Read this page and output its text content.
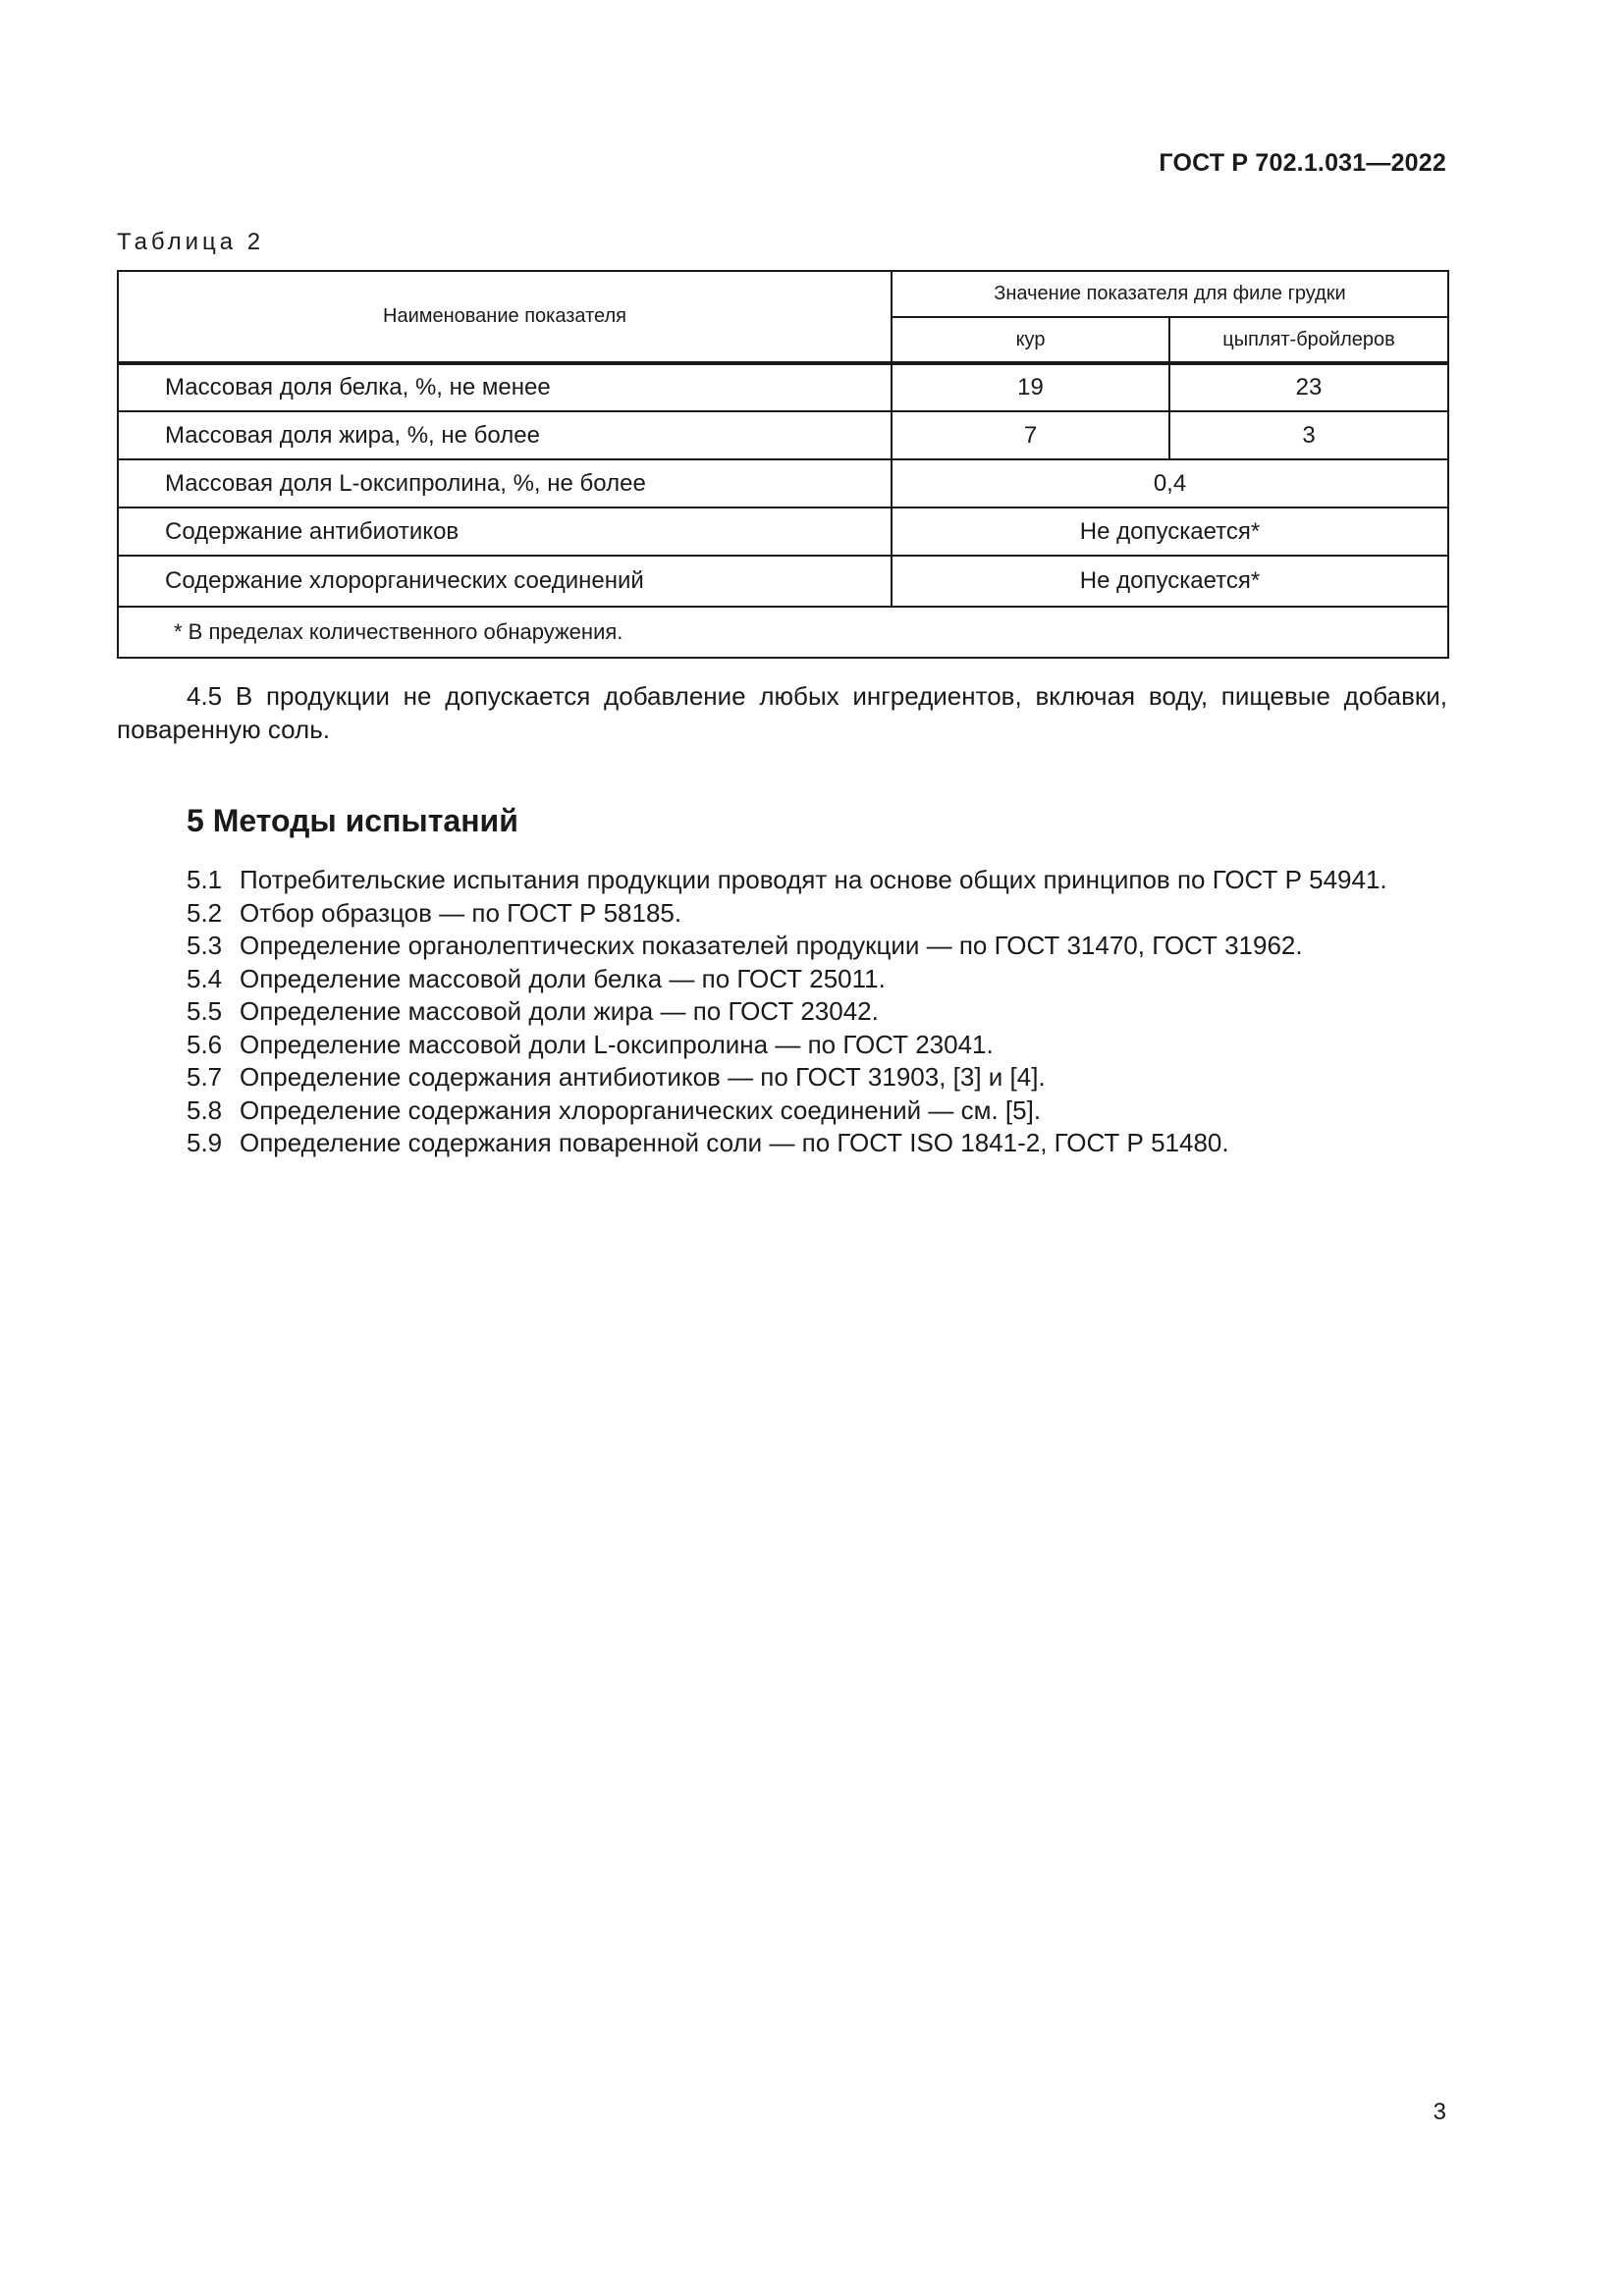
ГОСТ Р 702.1.031—2022
Таблица 2
Наименование показателя	Значение показателя для филе грудки	
	кур	цыплят-бройлеров
Массовая доля белка, %, не менее	19	23
Массовая доля жира, %, не более	7	3
Массовая доля L-оксипролина, %, не более	0,4	
Содержание антибиотиков	Не допускается*	
Содержание хлорорганических соединений	Не допускается*	
* В пределах количественного обнаружения.		

4.5 В продукции не допускается добавление любых ингредиентов, включая воду, пищевые добавки, поваренную соль.

5 Методы испытаний
5.1 Потребительские испытания продукции проводят на основе общих принципов по ГОСТ Р 54941.
5.2 Отбор образцов — по ГОСТ Р 58185.
5.3 Определение органолептических показателей продукции — по ГОСТ 31470, ГОСТ 31962.
5.4 Определение массовой доли белка — по ГОСТ 25011.
5.5 Определение массовой доли жира — по ГОСТ 23042.
5.6 Определение массовой доли L-оксипролина — по ГОСТ 23041.
5.7 Определение содержания антибиотиков — по ГОСТ 31903, [3] и [4].
5.8 Определение содержания хлорорганических соединений — см. [5].
5.9 Определение содержания поваренной соли — по ГОСТ ISO 1841-2, ГОСТ Р 51480.
3
